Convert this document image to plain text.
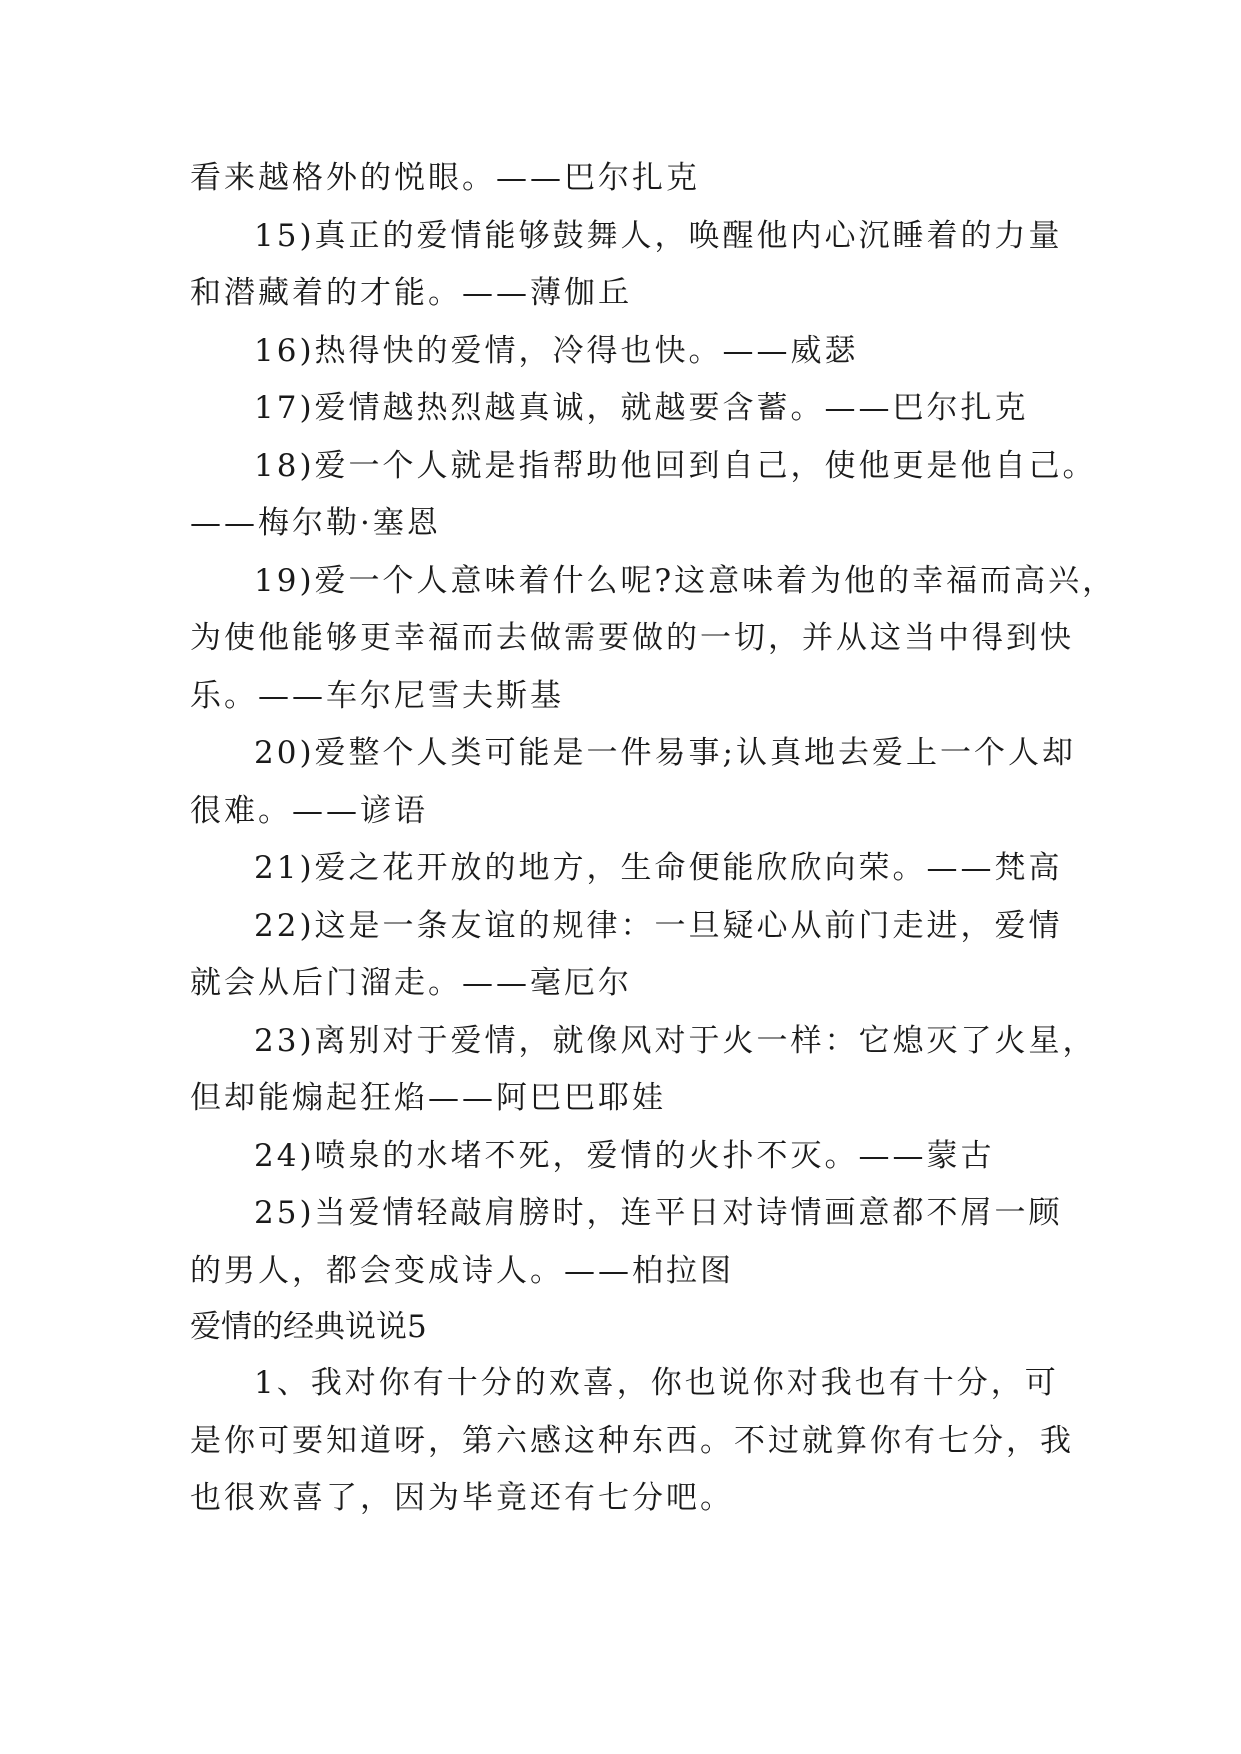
看来越格外的悦眼。——巴尔扎克

15)真正的爱情能够鼓舞人，唤醒他内心沉睡着的力量

和潜藏着的才能。——薄伽丘

16)热得快的爱情，冷得也快。——威瑟

17)爱情越热烈越真诚，就越要含蓄。——巴尔扎克

18)爱一个人就是指帮助他回到自己，使他更是他自己。

——梅尔勒·塞恩

19)爱一个人意味着什么呢?这意味着为他的幸福而高兴，

为使他能够更幸福而去做需要做的一切，并从这当中得到快

乐。——车尔尼雪夫斯基

20)爱整个人类可能是一件易事;认真地去爱上一个人却

很难。——谚语

21)爱之花开放的地方，生命便能欣欣向荣。——梵高

22)这是一条友谊的规律：一旦疑心从前门走进，爱情

就会从后门溜走。——毫厄尔

23)离别对于爱情，就像风对于火一样：它熄灭了火星，

但却能煽起狂焰——阿巴巴耶娃

24)喷泉的水堵不死，爱情的火扑不灭。——蒙古

25)当爱情轻敲肩膀时，连平日对诗情画意都不屑一顾

的男人，都会变成诗人。——柏拉图

爱情的经典说说5

1、我对你有十分的欢喜，你也说你对我也有十分，可

是你可要知道呀，第六感这种东西。不过就算你有七分，我

也很欢喜了，因为毕竟还有七分吧。
